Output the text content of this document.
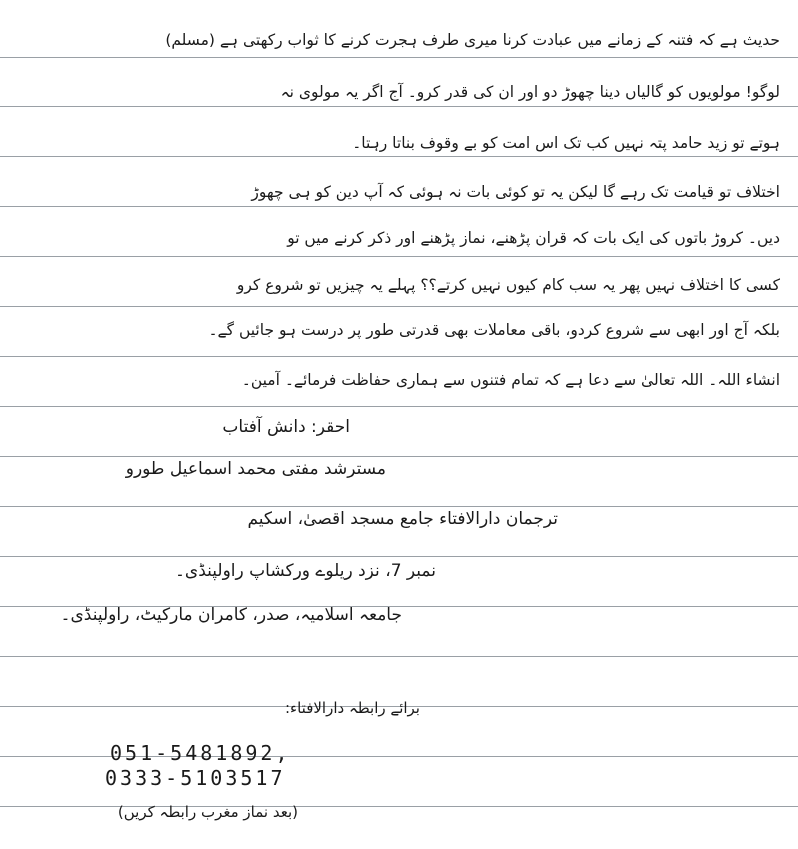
حدیث ہے کہ فتنہ کے زمانے میں عبادت کرنا میری طرف ہجرت کرنے کا ثواب رکھتی ہے (مسلم)
لوگو! مولویوں کو گالیاں دینا چھوڑ دو اور ان کی قدر کرو۔ آج اگر یہ مولوی نہ
ہوتے تو زید حامد پتہ نہیں کب تک اس امت کو بے وقوف بناتا رہتا۔
اختلاف تو قیامت تک رہے گا لیکن یہ تو کوئی بات نہ ہوئی کہ آپ دین کو ہی چھوڑ
دیں۔ کروڑ باتوں کی ایک بات کہ قران پڑھنے، نماز پڑھنے اور ذکر کرنے میں تو
کسی کا اختلاف نہیں پھر یہ سب کام کیوں نہیں کرتے؟؟ پہلے یہ چیزیں تو شروع کرو
بلکہ آج اور ابھی سے شروع کردو، باقی معاملات بھی قدرتی طور پر درست ہو جائیں گے۔
انشاء اللہ۔ اللہ تعالیٰ سے دعا ہے کہ تمام فتنوں سے ہماری حفاظت فرمائے۔ آمین۔
احقر: دانش آفتاب
مسترشد مفتی محمد اسماعیل طورو
ترجمان دارالافتاء جامع مسجد اقصیٰ، اسکیم
نمبر 7، نزد ریلوے ورکشاپ راولپنڈی۔
جامعہ اسلامیہ، صدر، کامران مارکیٹ، راولپنڈی۔
برائے رابطہ دارالافتاء:
051-5481892,
0333-5103517
(بعد نماز مغرب رابطہ کریں)
